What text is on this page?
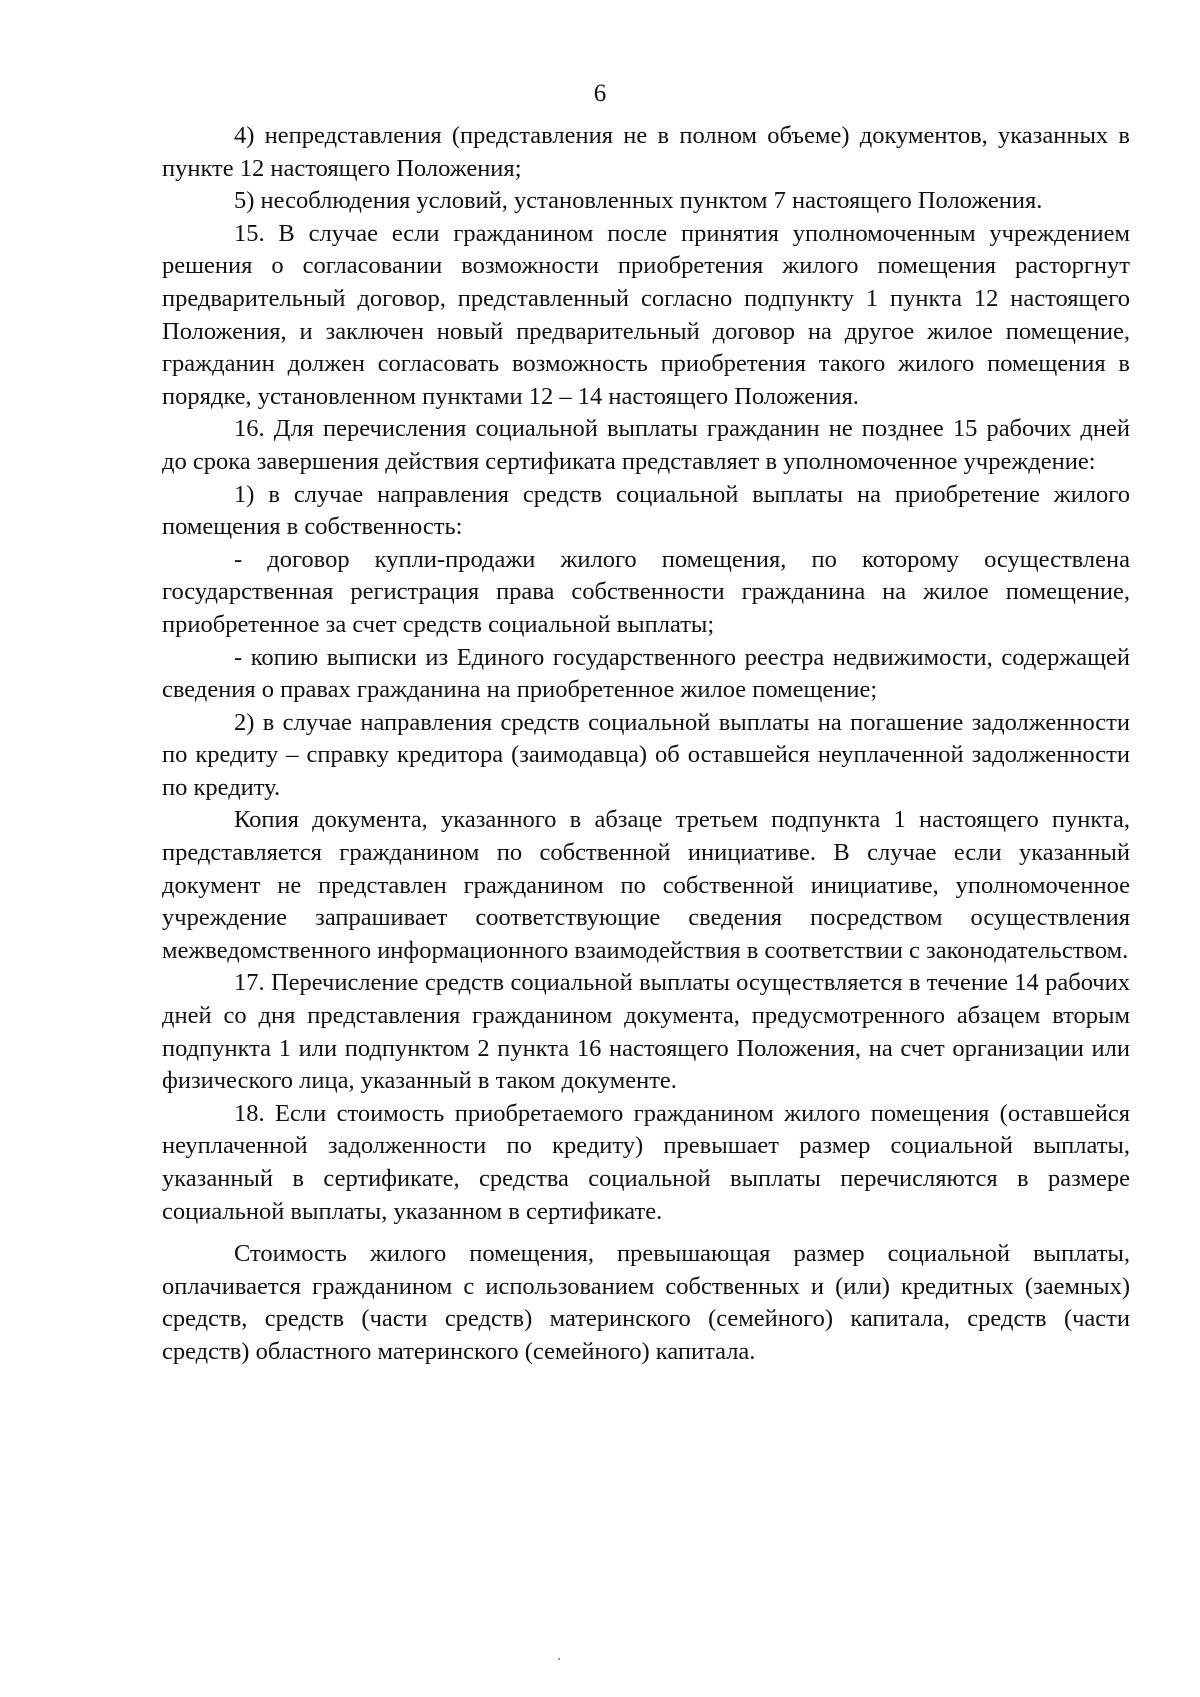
6

4) непредставления (представления не в полном объеме) документов, указанных в пункте 12 настоящего Положения;

5) несоблюдения условий, установленных пунктом 7 настоящего Положения.

15. В случае если гражданином после принятия уполномоченным учреждением решения о согласовании возможности приобретения жилого помещения расторгнут предварительный договор, представленный согласно подпункту 1 пункта 12 настоящего Положения, и заключен новый предварительный договор на другое жилое помещение, гражданин должен согласовать возможность приобретения такого жилого помещения в порядке, установленном пунктами 12 – 14 настоящего Положения.

16. Для перечисления социальной выплаты гражданин не позднее 15 рабочих дней до срока завершения действия сертификата представляет в уполномоченное учреждение:

1) в случае направления средств социальной выплаты на приобретение жилого помещения в собственность:

- договор купли-продажи жилого помещения, по которому осуществлена государственная регистрация права собственности гражданина на жилое помещение, приобретенное за счет средств социальной выплаты;

- копию выписки из Единого государственного реестра недвижимости, содержащей сведения о правах гражданина на приобретенное жилое помещение;

2) в случае направления средств социальной выплаты на погашение задолженности по кредиту – справку кредитора (заимодавца) об оставшейся неуплаченной задолженности по кредиту.

Копия документа, указанного в абзаце третьем подпункта 1 настоящего пункта, представляется гражданином по собственной инициативе. В случае если указанный документ не представлен гражданином по собственной инициативе, уполномоченное учреждение запрашивает соответствующие сведения посредством осуществления межведомственного информационного взаимодействия в соответствии с законодательством.

17. Перечисление средств социальной выплаты осуществляется в течение 14 рабочих дней со дня представления гражданином документа, предусмотренного абзацем вторым подпункта 1 или подпунктом 2 пункта 16 настоящего Положения, на счет организации или физического лица, указанный в таком документе.

18. Если стоимость приобретаемого гражданином жилого помещения (оставшейся неуплаченной задолженности по кредиту) превышает размер социальной выплаты, указанный в сертификате, средства социальной выплаты перечисляются в размере социальной выплаты, указанном в сертификате.

Стоимость жилого помещения, превышающая размер социальной выплаты, оплачивается гражданином с использованием собственных и (или) кредитных (заемных) средств, средств (части средств) материнского (семейного) капитала, средств (части средств) областного материнского (семейного) капитала.
